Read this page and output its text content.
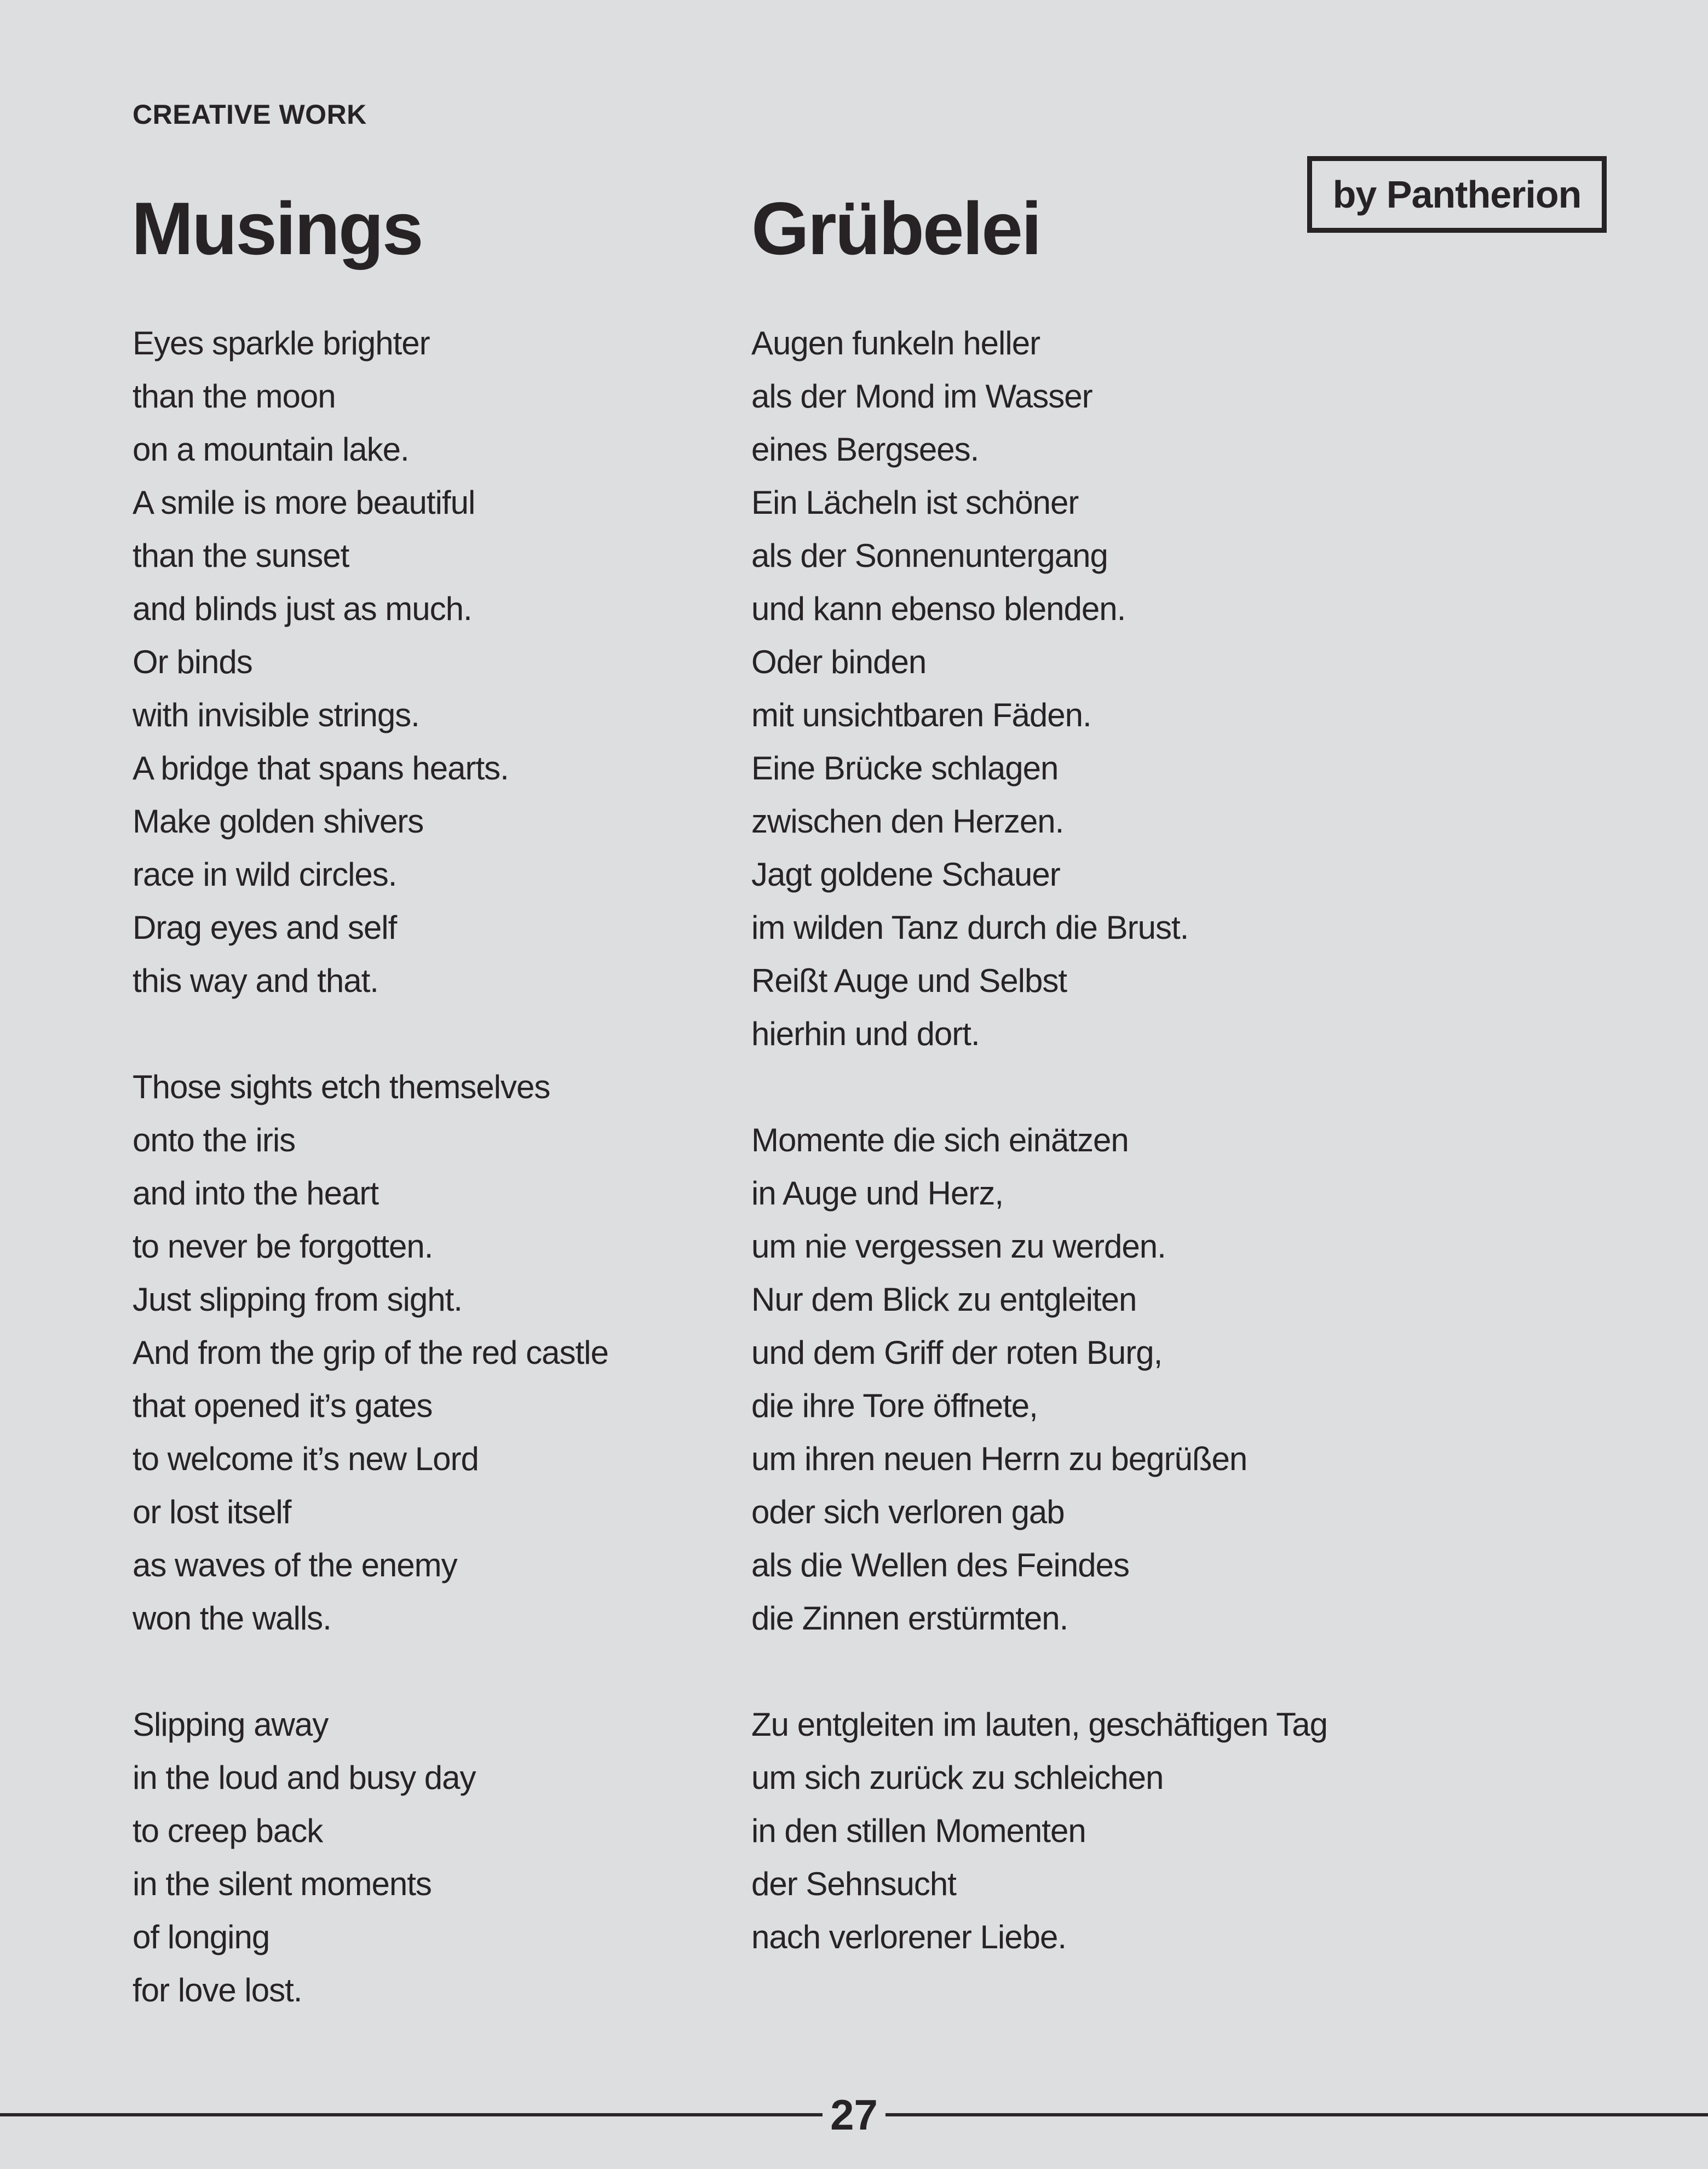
CREATIVE WORK
Musings	Grübelei	by Pantherion
Eyes sparkle brighter
than the moon
on a mountain lake.
A smile is more beautiful
than the sunset
and blinds just as much.
Or binds
with invisible strings.
A bridge that spans hearts.
Make golden shivers
race in wild circles.
Drag eyes and self
this way and that.
Those sights etch themselves
onto the iris
and into the heart
to never be forgotten.
Just slipping from sight.
And from the grip of the red castle
that opened it’s gates
to welcome it’s new Lord
or lost itself
as waves of the enemy
won the walls.
Slipping away
in the loud and busy day
to creep back
in the silent moments
of longing
for love lost.
Augen funkeln heller
als der Mond im Wasser
eines Bergsees.
Ein Lächeln ist schöner
als der Sonnenuntergang
und kann ebenso blenden.
Oder binden
mit unsichtbaren Fäden.
Eine Brücke schlagen
zwischen den Herzen.
Jagt goldene Schauer
im wilden Tanz durch die Brust.
Reißt Auge und Selbst
hierhin und dort.
Momente die sich einätzen
in Auge und Herz,
um nie vergessen zu werden.
Nur dem Blick zu entgleiten
und dem Griff der roten Burg,
die ihre Tore öffnete,
um ihren neuen Herrn zu begrüßen
oder sich verloren gab
als die Wellen des Feindes
die Zinnen erstürmten.
Zu entgleiten im lauten, geschäftigen Tag
um sich zurück zu schleichen
in den stillen Momenten
der Sehnsucht
nach verlorener Liebe.
27
